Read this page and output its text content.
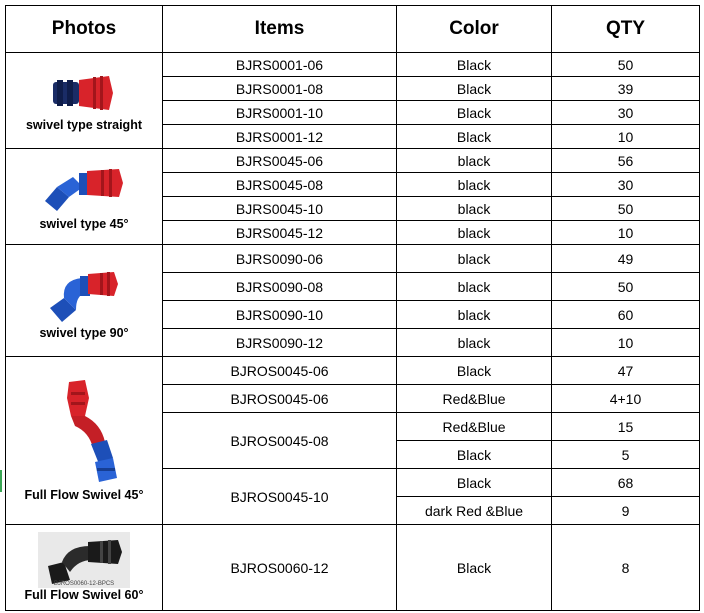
Photos	Items	Color	QTY

swivel type straight	BJRS0001-06	Black	50
	BJRS0001-08	Black	39
	BJRS0001-10	Black	30
	BJRS0001-12	Black	10

swivel type 45°	BJRS0045-06	black	56
	BJRS0045-08	black	30
	BJRS0045-10	black	50
	BJRS0045-12	black	10

swivel type 90°	BJRS0090-06	black	49
	BJRS0090-08	black	50
	BJRS0090-10	black	60
	BJRS0090-12	black	10

Full Flow Swivel 45°	BJROS0045-06	Black	47
	BJROS0045-06	Red&Blue	4+10
	BJROS0045-08	Red&Blue	15
		Black	5
	BJROS0045-10	Black	68
		dark Red &Blue	9

BJROS0060-12-BPCS
Full Flow Swivel 60°	BJROS0060-12	Black	8
